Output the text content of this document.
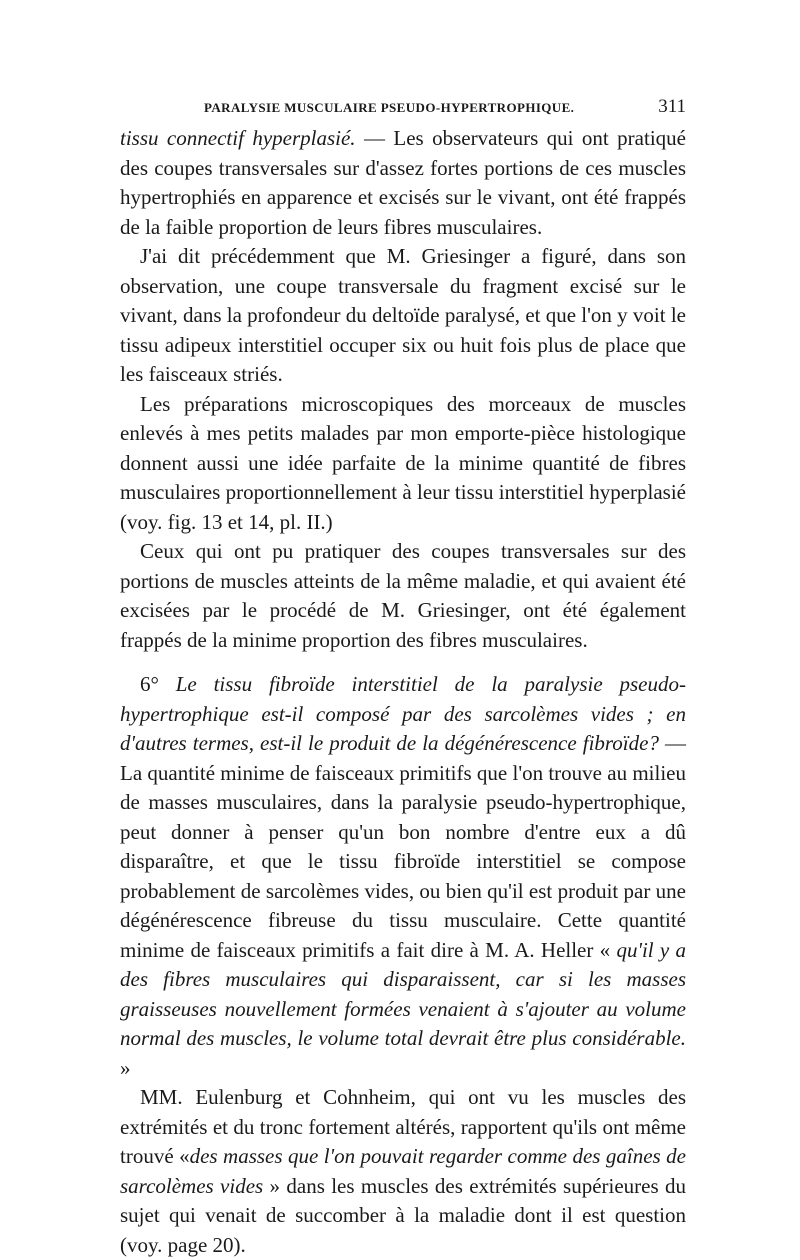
PARALYSIE MUSCULAIRE PSEUDO-HYPERTROPHIQUE.	311

tissu connectif hyperplasié. — Les observateurs qui ont pratiqué des coupes transversales sur d'assez fortes portions de ces muscles hypertrophiés en apparence et excisés sur le vivant, ont été frappés de la faible proportion de leurs fibres musculaires.

J'ai dit précédemment que M. Griesinger a figuré, dans son observation, une coupe transversale du fragment excisé sur le vivant, dans la profondeur du deltoïde paralysé, et que l'on y voit le tissu adipeux interstitiel occuper six ou huit fois plus de place que les faisceaux striés.

Les préparations microscopiques des morceaux de muscles enlevés à mes petits malades par mon emporte-pièce histologique donnent aussi une idée parfaite de la minime quantité de fibres musculaires proportionnellement à leur tissu interstitiel hyperplasié (voy. fig. 13 et 14, pl. II.)

Ceux qui ont pu pratiquer des coupes transversales sur des portions de muscles atteints de la même maladie, et qui avaient été excisées par le procédé de M. Griesinger, ont été également frappés de la minime proportion des fibres musculaires.

6° Le tissu fibroïde interstitiel de la paralysie pseudo-hypertrophique est-il composé par des sarcolèmes vides ; en d'autres termes, est-il le produit de la dégénérescence fibroïde? — La quantité minime de faisceaux primitifs que l'on trouve au milieu de masses musculaires, dans la paralysie pseudo-hypertrophique, peut donner à penser qu'un bon nombre d'entre eux a dû disparaître, et que le tissu fibroïde interstitiel se compose probablement de sarcolèmes vides, ou bien qu'il est produit par une dégénérescence fibreuse du tissu musculaire. Cette quantité minime de faisceaux primitifs a fait dire à M. A. Heller « qu'il y a des fibres musculaires qui disparaissent, car si les masses graisseuses nouvellement formées venaient à s'ajouter au volume normal des muscles, le volume total devrait être plus considérable. »

MM. Eulenburg et Cohnheim, qui ont vu les muscles des extrémités et du tronc fortement altérés, rapportent qu'ils ont même trouvé «des masses que l'on pouvait regarder comme des gaînes de sarcolèmes vides » dans les muscles des extrémités supérieures du sujet qui venait de succomber à la maladie dont il est question (voy. page 20).
